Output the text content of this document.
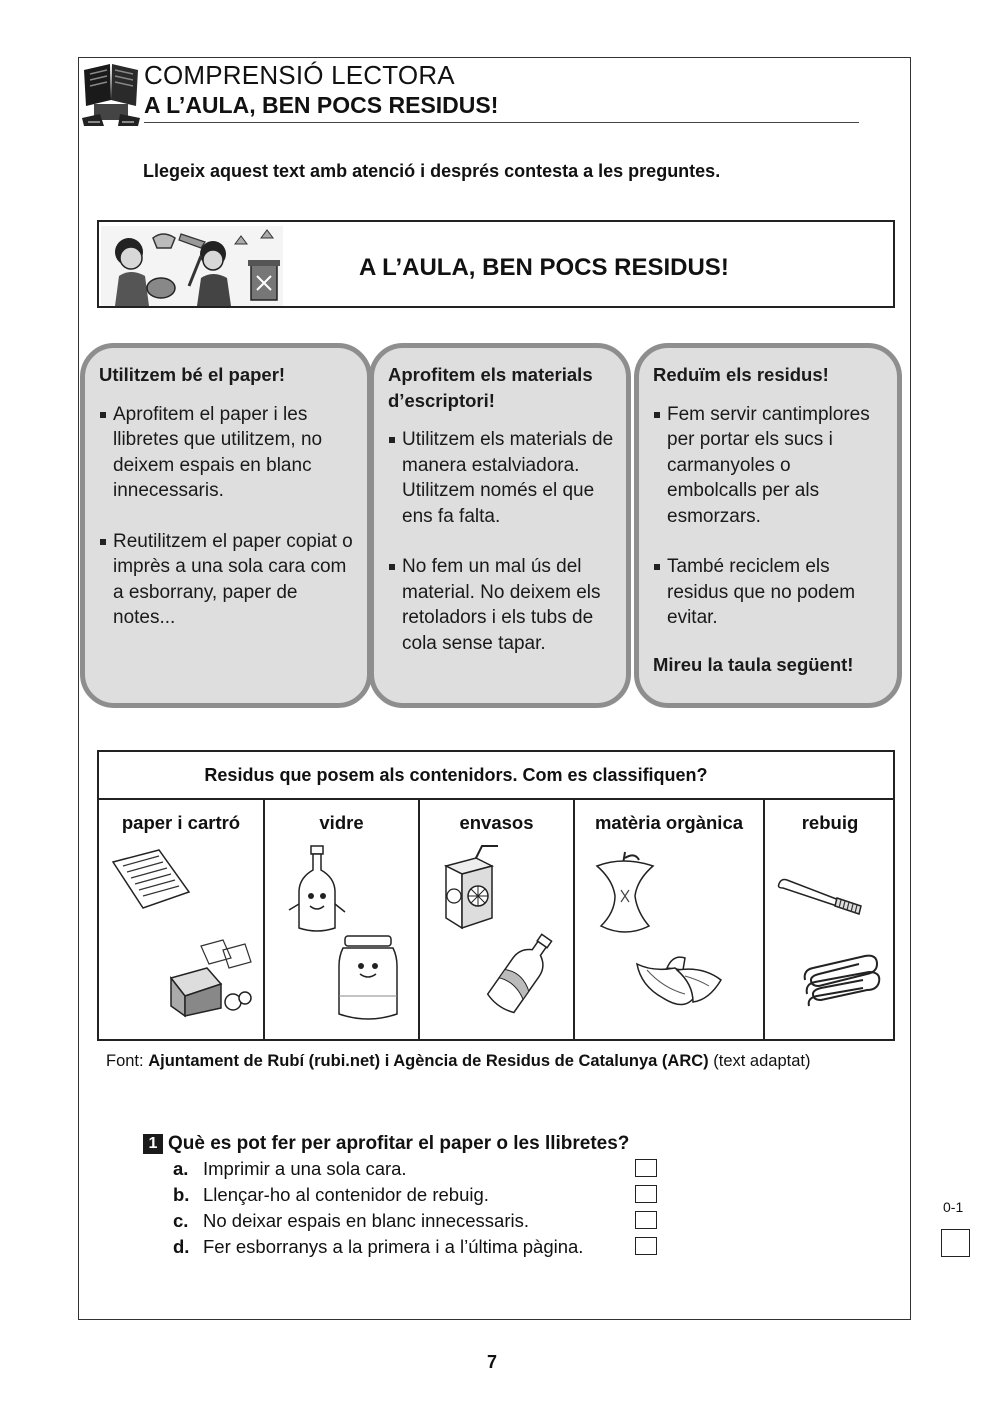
COMPRENSIÓ LECTORA
A L’AULA, BEN POCS RESIDUS!
Llegeix aquest text amb atenció i després contesta a les preguntes.
A L’AULA, BEN POCS RESIDUS!
Utilitzem bé el paper!
Aprofitem el paper i les llibretes que utilitzem, no deixem espais en blanc innecessaris.
Reutilitzem el paper copiat o imprès a una sola cara com a esborrany, paper de notes...
Aprofitem els materials d’escriptori!
Utilitzem els materials de manera estalviadora. Utilitzem només el que ens fa falta.
No fem un mal ús del material. No deixem els retoladors i els tubs de cola sense tapar.
Reduïm els residus!
Fem servir cantimplores per portar els sucs i carmanyoles o embolcalls per als esmorzars.
També reciclem els residus que no podem evitar.
Mireu la taula següent!
Residus que posem als contenidors. Com es classifiquen?
paper i cartró	vidre	envasos	matèria orgànica	rebuig
Font: Ajuntament de Rubí (rubi.net) i Agència de Residus de Catalunya (ARC) (text adaptat)
1 Què es pot fer per aprofitar el paper o les llibretes?
a. Imprimir a una sola cara.
b. Llençar-ho al contenidor de rebuig.
c. No deixar espais en blanc innecessaris.
d. Fer esborranys a la primera i a l’última pàgina.
0-1
7
